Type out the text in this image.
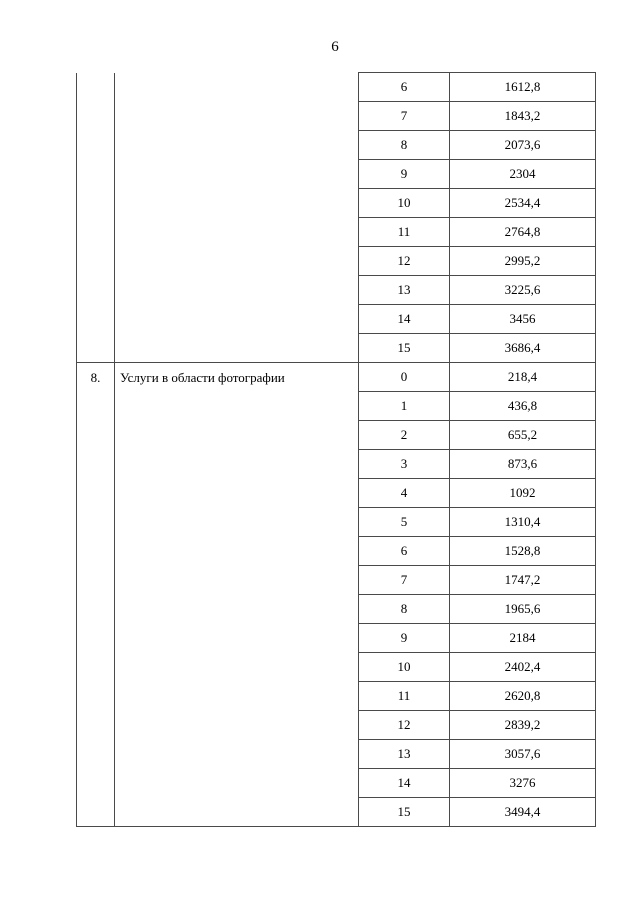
6
		6	1612,8
		7	1843,2
		8	2073,6
		9	2304
		10	2534,4
		11	2764,8
		12	2995,2
		13	3225,6
		14	3456
		15	3686,4
8.	Услуги в области фотографии	0	218,4
		1	436,8
		2	655,2
		3	873,6
		4	1092
		5	1310,4
		6	1528,8
		7	1747,2
		8	1965,6
		9	2184
		10	2402,4
		11	2620,8
		12	2839,2
		13	3057,6
		14	3276
		15	3494,4
